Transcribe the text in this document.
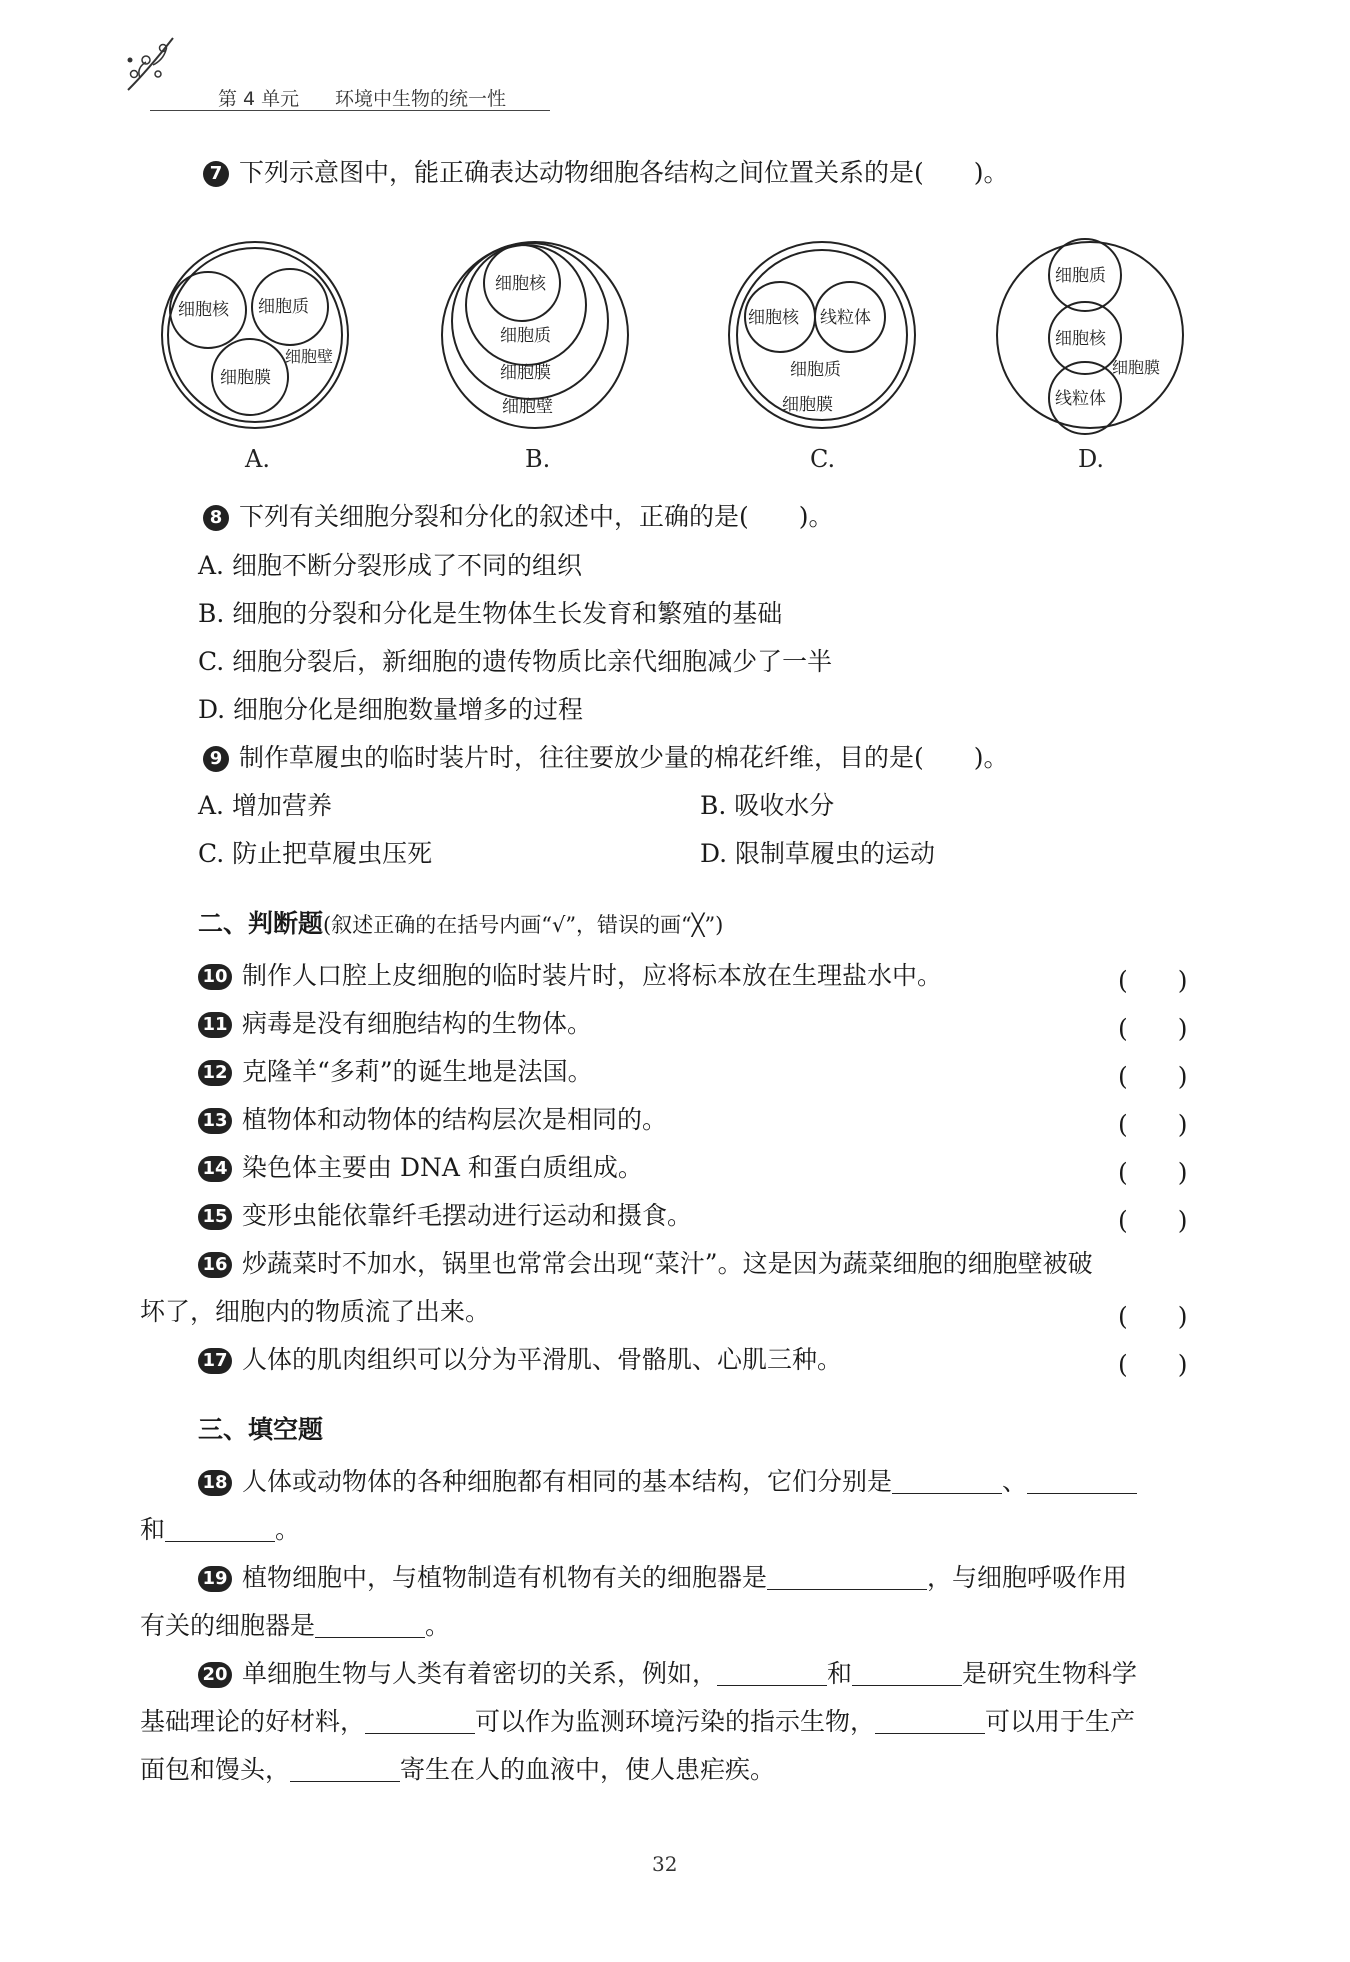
第 4 单元 环境中生物的统一性
7 下列示意图中，能正确表达动物细胞各结构之间位置关系的是(　　)。
细胞核 细胞质
细胞壁
细胞膜
细胞核
细胞质
细胞膜
细胞壁
细胞核 线粒体
细胞质
细胞膜
细胞质
细胞核
细胞膜
线粒体
A.	B.	C.	D.
8 下列有关细胞分裂和分化的叙述中，正确的是(　　)。
A. 细胞不断分裂形成了不同的组织
B. 细胞的分裂和分化是生物体生长发育和繁殖的基础
C. 细胞分裂后，新细胞的遗传物质比亲代细胞减少了一半
D. 细胞分化是细胞数量增多的过程
9 制作草履虫的临时装片时，往往要放少量的棉花纤维，目的是(　　)。
A. 增加营养	B. 吸收水分
C. 防止把草履虫压死	D. 限制草履虫的运动
二、判断题(叙述正确的在括号内画“√”，错误的画“╳”)
10 制作人口腔上皮细胞的临时装片时，应将标本放在生理盐水中。	(　　)
11 病毒是没有细胞结构的生物体。	(　　)
12 克隆羊“多莉”的诞生地是法国。	(　　)
13 植物体和动物体的结构层次是相同的。	(　　)
14 染色体主要由 DNA 和蛋白质组成。	(　　)
15 变形虫能依靠纤毛摆动进行运动和摄食。	(　　)
16 炒蔬菜时不加水，锅里也常常会出现“菜汁”。这是因为蔬菜细胞的细胞壁被破
坏了，细胞内的物质流了出来。	(　　)
17 人体的肌肉组织可以分为平滑肌、骨骼肌、心肌三种。	(　　)
三、填空题
18 人体或动物体的各种细胞都有相同的基本结构，它们分别是	、
和	。
19 植物细胞中，与植物制造有机物有关的细胞器是	，与细胞呼吸作用
有关的细胞器是	。
20 单细胞生物与人类有着密切的关系，例如，	和	是研究生物科学
基础理论的好材料，	可以作为监测环境污染的指示生物，	可以用于生产
面包和馒头，	寄生在人的血液中，使人患疟疾。
32
